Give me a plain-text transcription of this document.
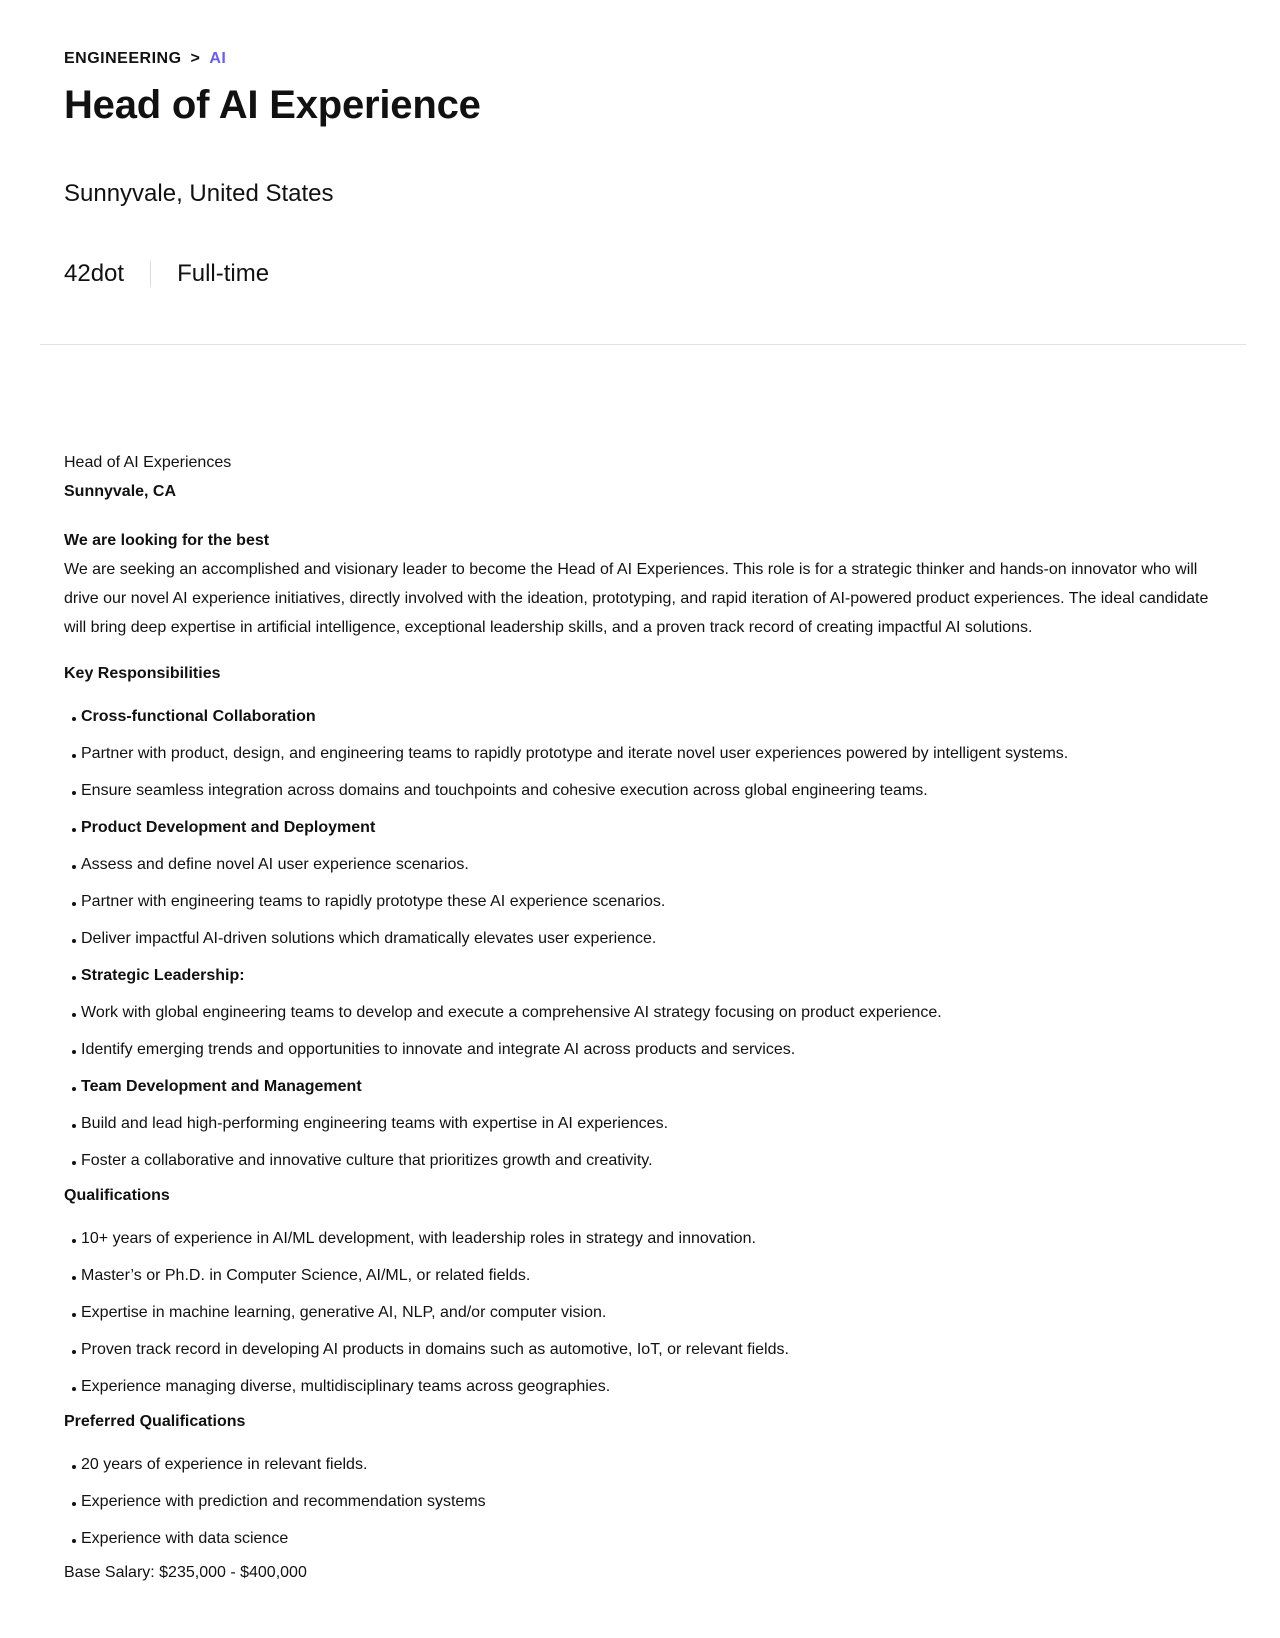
ENGINEERING > AI
Head of AI Experience
Sunnyvale, United States
42dot Full-time

Head of AI Experiences

Sunnyvale, CA

We are looking for the best

We are seeking an accomplished and visionary leader to become the Head of AI Experiences. This role is for a strategic thinker and hands-on innovator who will drive our novel AI experience initiatives, directly involved with the ideation, prototyping, and rapid iteration of AI-powered product experiences. The ideal candidate will bring deep expertise in artificial intelligence, exceptional leadership skills, and a proven track record of creating impactful AI solutions.

Key Responsibilities

Cross-functional Collaboration
Partner with product, design, and engineering teams to rapidly prototype and iterate novel user experiences powered by intelligent systems.
Ensure seamless integration across domains and touchpoints and cohesive execution across global engineering teams.
Product Development and Deployment
Assess and define novel AI user experience scenarios.
Partner with engineering teams to rapidly prototype these AI experience scenarios.
Deliver impactful AI-driven solutions which dramatically elevates user experience.
Strategic Leadership:
Work with global engineering teams to develop and execute a comprehensive AI strategy focusing on product experience.
Identify emerging trends and opportunities to innovate and integrate AI across products and services.
Team Development and Management
Build and lead high-performing engineering teams with expertise in AI experiences.
Foster a collaborative and innovative culture that prioritizes growth and creativity.

Qualifications

10+ years of experience in AI/ML development, with leadership roles in strategy and innovation.
Master’s or Ph.D. in Computer Science, AI/ML, or related fields.
Expertise in machine learning, generative AI, NLP, and/or computer vision.
Proven track record in developing AI products in domains such as automotive, IoT, or relevant fields.
Experience managing diverse, multidisciplinary teams across geographies.

Preferred Qualifications

20 years of experience in relevant fields.
Experience with prediction and recommendation systems
Experience with data science

Base Salary: $235,000 - $400,000
